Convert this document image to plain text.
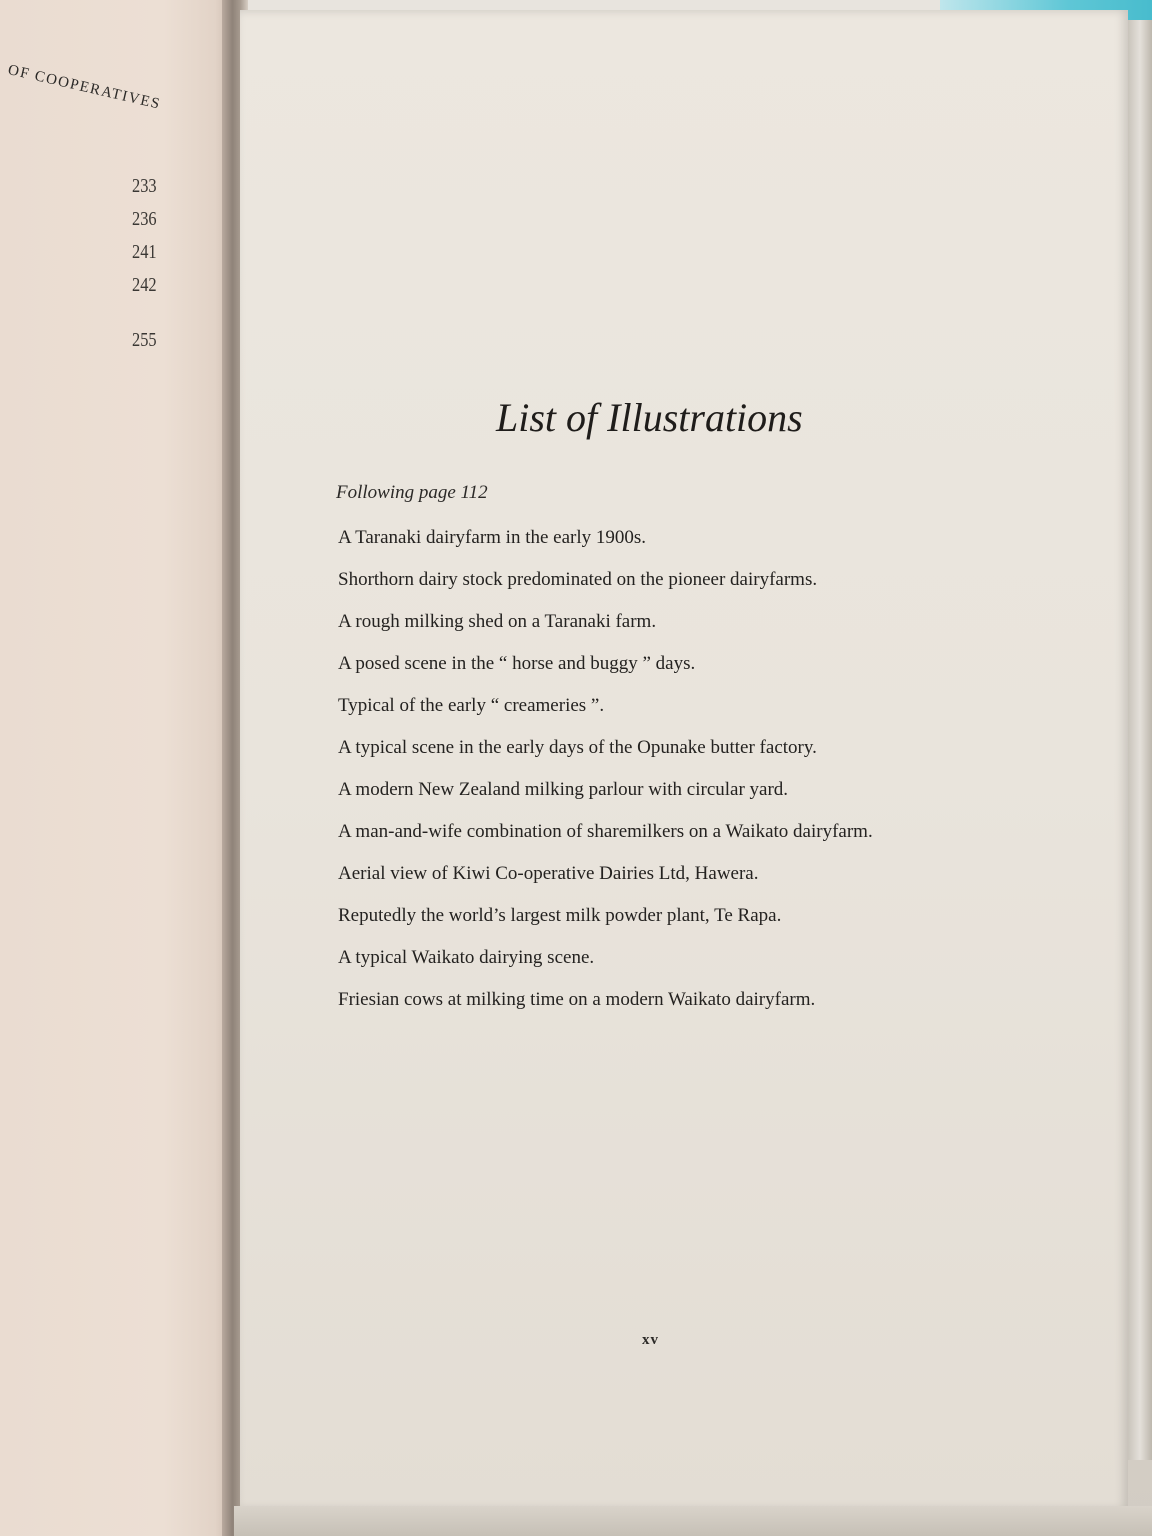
OF COOPERATIVES
233
236
241
242
255
List of Illustrations
Following page 112
A Taranaki dairyfarm in the early 1900s.
Shorthorn dairy stock predominated on the pioneer dairyfarms.
A rough milking shed on a Taranaki farm.
A posed scene in the “ horse and buggy ” days.
Typical of the early “ creameries ”.
A typical scene in the early days of the Opunake butter factory.
A modern New Zealand milking parlour with circular yard.
A man-and-wife combination of sharemilkers on a Waikato dairyfarm.
Aerial view of Kiwi Co-operative Dairies Ltd, Hawera.
Reputedly the world’s largest milk powder plant, Te Rapa.
A typical Waikato dairying scene.
Friesian cows at milking time on a modern Waikato dairyfarm.
xv
